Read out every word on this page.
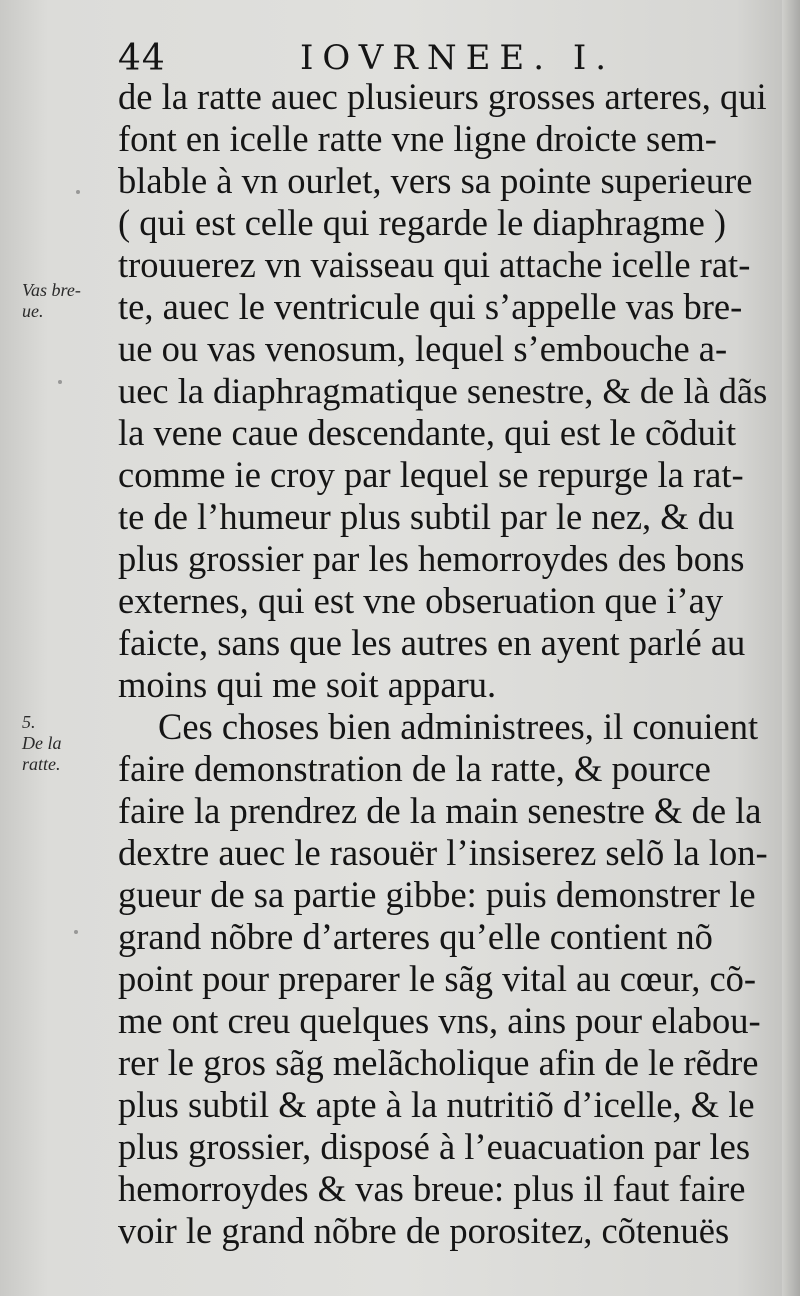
44	IOVRNEE. I.
Vas bre-
ue.
5.
De la
ratte.
de la ratte auec plusieurs grosses arteres, qui
font en icelle ratte vne ligne droicte sem-
blable à vn ourlet, vers sa pointe superieure
( qui est celle qui regarde le diaphragme )
trouuerez vn vaisseau qui attache icelle rat-
te, auec le ventricule qui s’appelle vas bre-
ue ou vas venosum, lequel s’embouche a-
uec la diaphragmatique senestre, & de là dãs
la vene caue descendante, qui est le cõduit
comme ie croy par lequel se repurge la rat-
te de l’humeur plus subtil par le nez, & du
plus grossier par les hemorroydes des bons
externes, qui est vne obseruation que i’ay
faicte, sans que les autres en ayent parlé au
moins qui me soit apparu.
Ces choses bien administrees, il conuient
faire demonstration de la ratte, & pource
faire la prendrez de la main senestre & de la
dextre auec le rasouër l’insiserez selõ la lon-
gueur de sa partie gibbe: puis demonstrer le
grand nõbre d’arteres qu’elle contient nõ
point pour preparer le sãg vital au cœur, cõ-
me ont creu quelques vns, ains pour elabou-
rer le gros sãg melãcholique afin de le rẽdre
plus subtil & apte à la nutritiõ d’icelle, & le
plus grossier, disposé à l’euacuation par les
hemorroydes & vas breue: plus il faut faire
voir le grand nõbre de porositez, cõtenuës
